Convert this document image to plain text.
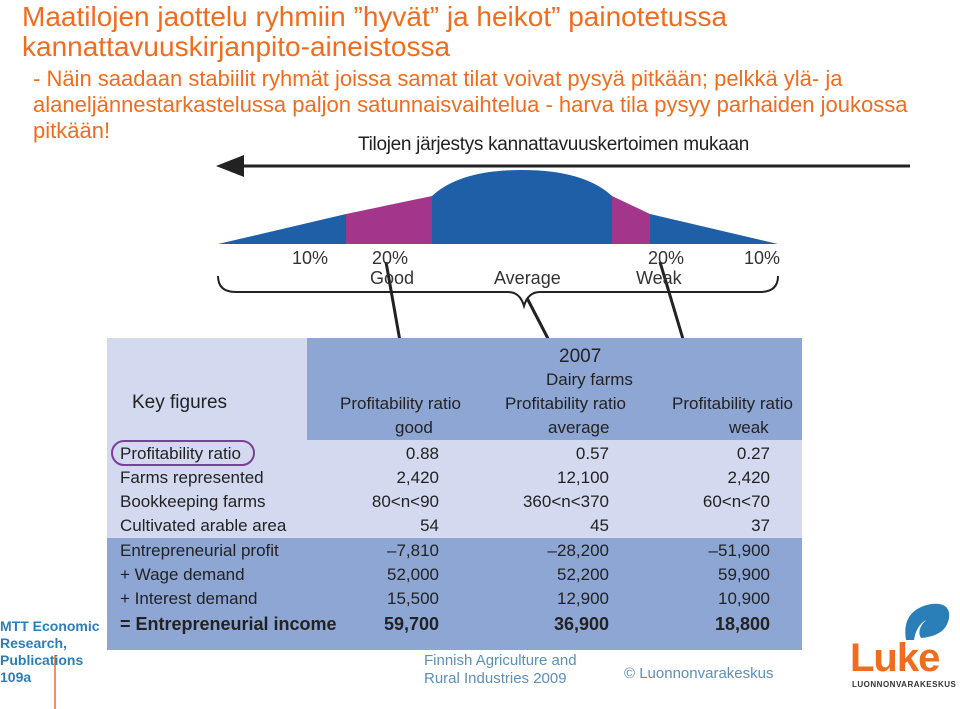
Maatilojen jaottelu ryhmiin ”hyvät” ja heikot” painotetussa kannattavuuskirjanpito-aineistossa
- Näin saadaan stabiilit ryhmät joissa samat tilat voivat pysyä pitkään; pelkkä ylä- ja alaneljännestarkastelussa paljon satunnaisvaihtelua - harva tila pysyy parhaiden joukossa pitkään!
Tilojen järjestys kannattavuuskertoimen mukaan
10% 20%	20%	10%
Good	Average	Weak
Key figures
2007
Dairy farms
Profitability ratio
good
Profitability ratio
average
Profitability ratio
weak
Profitability ratio	0.88	0.57	0.27
Farms represented	2,420	12,100	2,420
Bookkeeping farms	80<n<90	360<n<370	60<n<70
Cultivated arable area	54	45	37
Entrepreneurial profit	–7,810	–28,200	–51,900
+ Wage demand	52,000	52,200	59,900
+ Interest demand	15,500	12,900	10,900
= Entrepreneurial income	59,700	36,900	18,800
MTT Economic
Research,
Publications
109a
Finnish Agriculture and
Rural Industries 2009	© Luonnonvarakeskus Luke
LUONNONVARAKESKUS
